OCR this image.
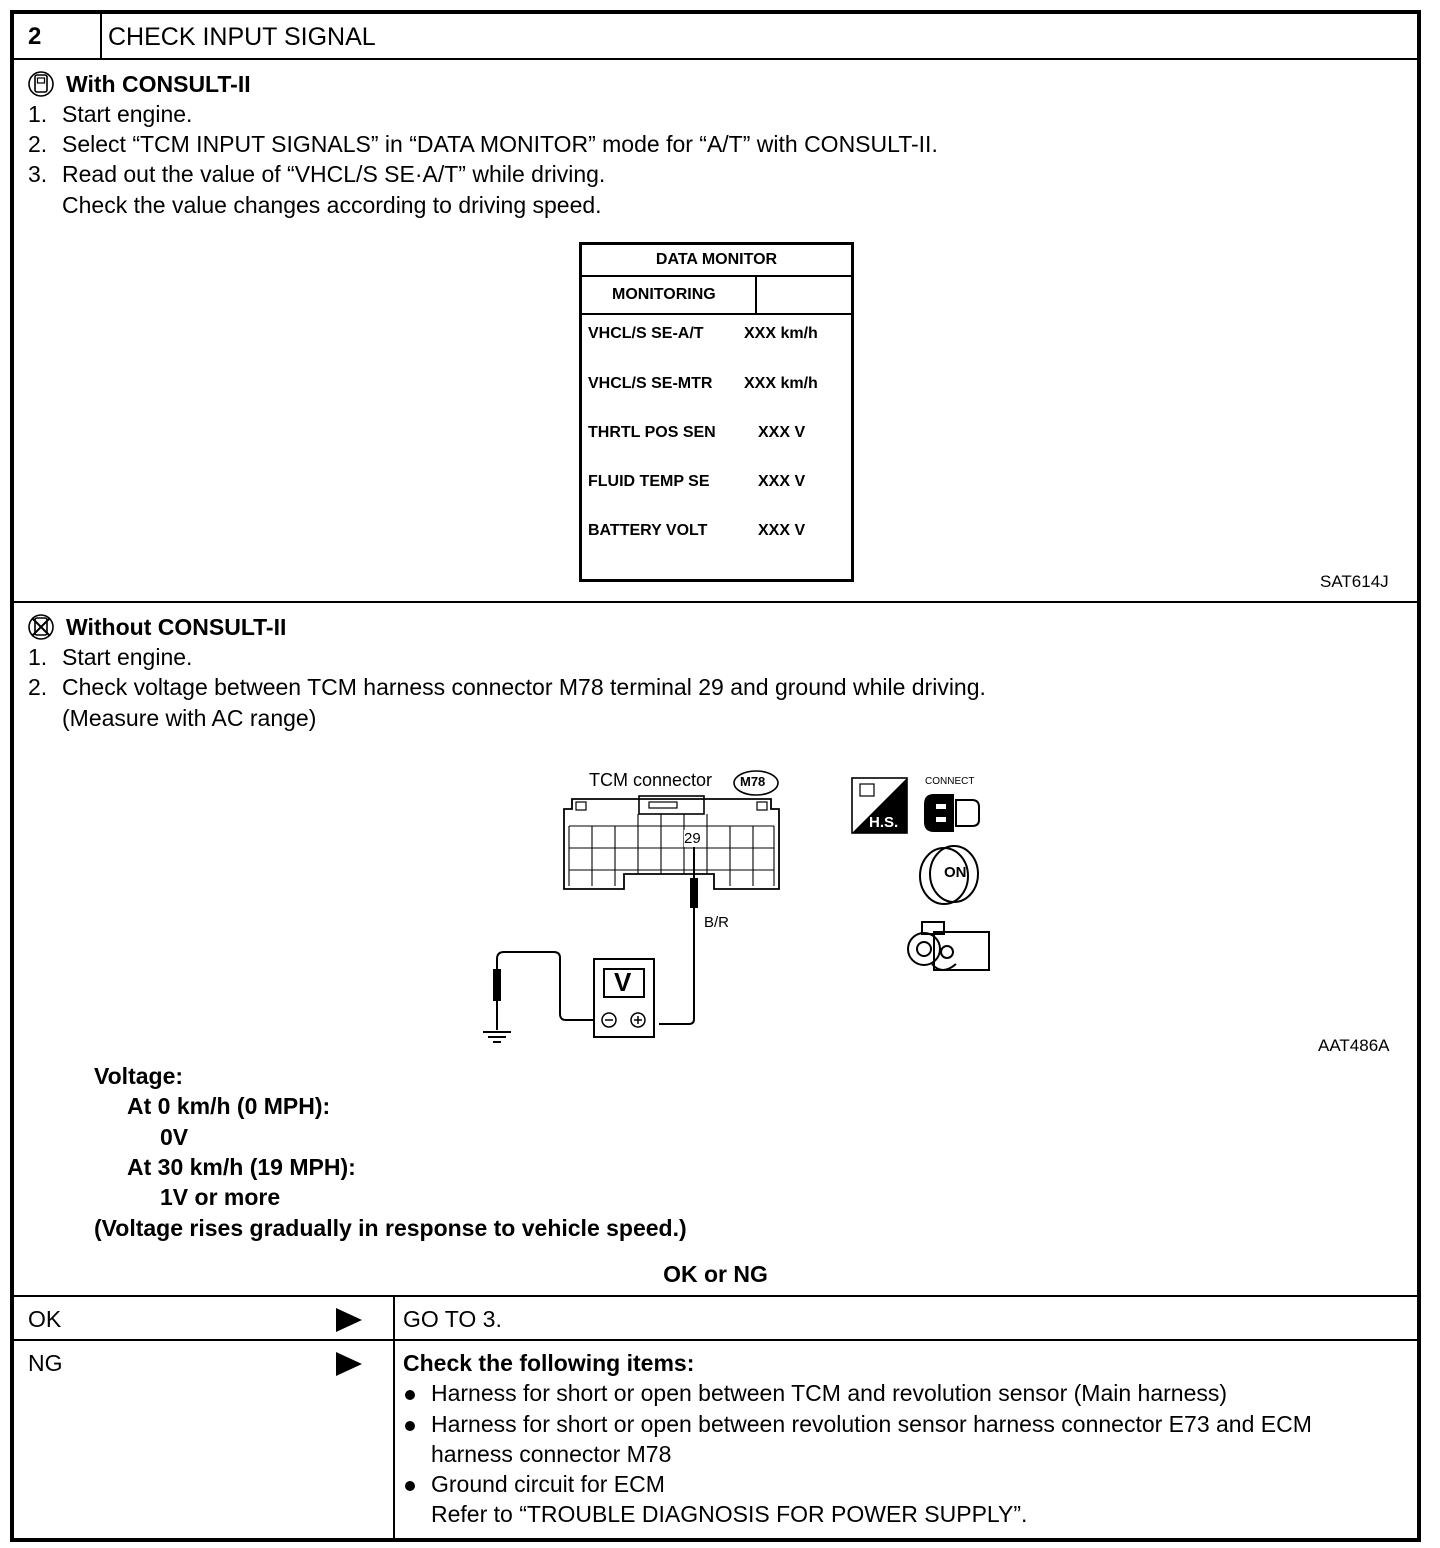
2	CHECK INPUT SIGNAL
With CONSULT-II
1. Start engine.
2. Select “TCM INPUT SIGNALS” in “DATA MONITOR” mode for “A/T” with CONSULT-II.
3. Read out the value of “VHCL/S SE·A/T” while driving.
Check the value changes according to driving speed.
DATA MONITOR
MONITORING
VHCL/S SE-A/T	XXX km/h
VHCL/S SE-MTR XXX km/h
THRTL POS SEN	XXX V
FLUID TEMP SE	XXX V
BATTERY VOLT	XXX V
SAT614J
Without CONSULT-II
1. Start engine.
2. Check voltage between TCM harness connector M78 terminal 29 and ground while driving.
(Measure with AC range)
TCM connector M78
29
B/R
V
H.S.
CONNECT
ON
AAT486A
Voltage:
At 0 km/h (0 MPH):
0V
At 30 km/h (19 MPH):
1V or more
(Voltage rises gradually in response to vehicle speed.)
OK or NG
OK	GO TO 3.
NG	Check the following items:
Harness for short or open between TCM and revolution sensor (Main harness)
Harness for short or open between revolution sensor harness connector E73 and ECM
harness connector M78
Ground circuit for ECM
Refer to “TROUBLE DIAGNOSIS FOR POWER SUPPLY”.
